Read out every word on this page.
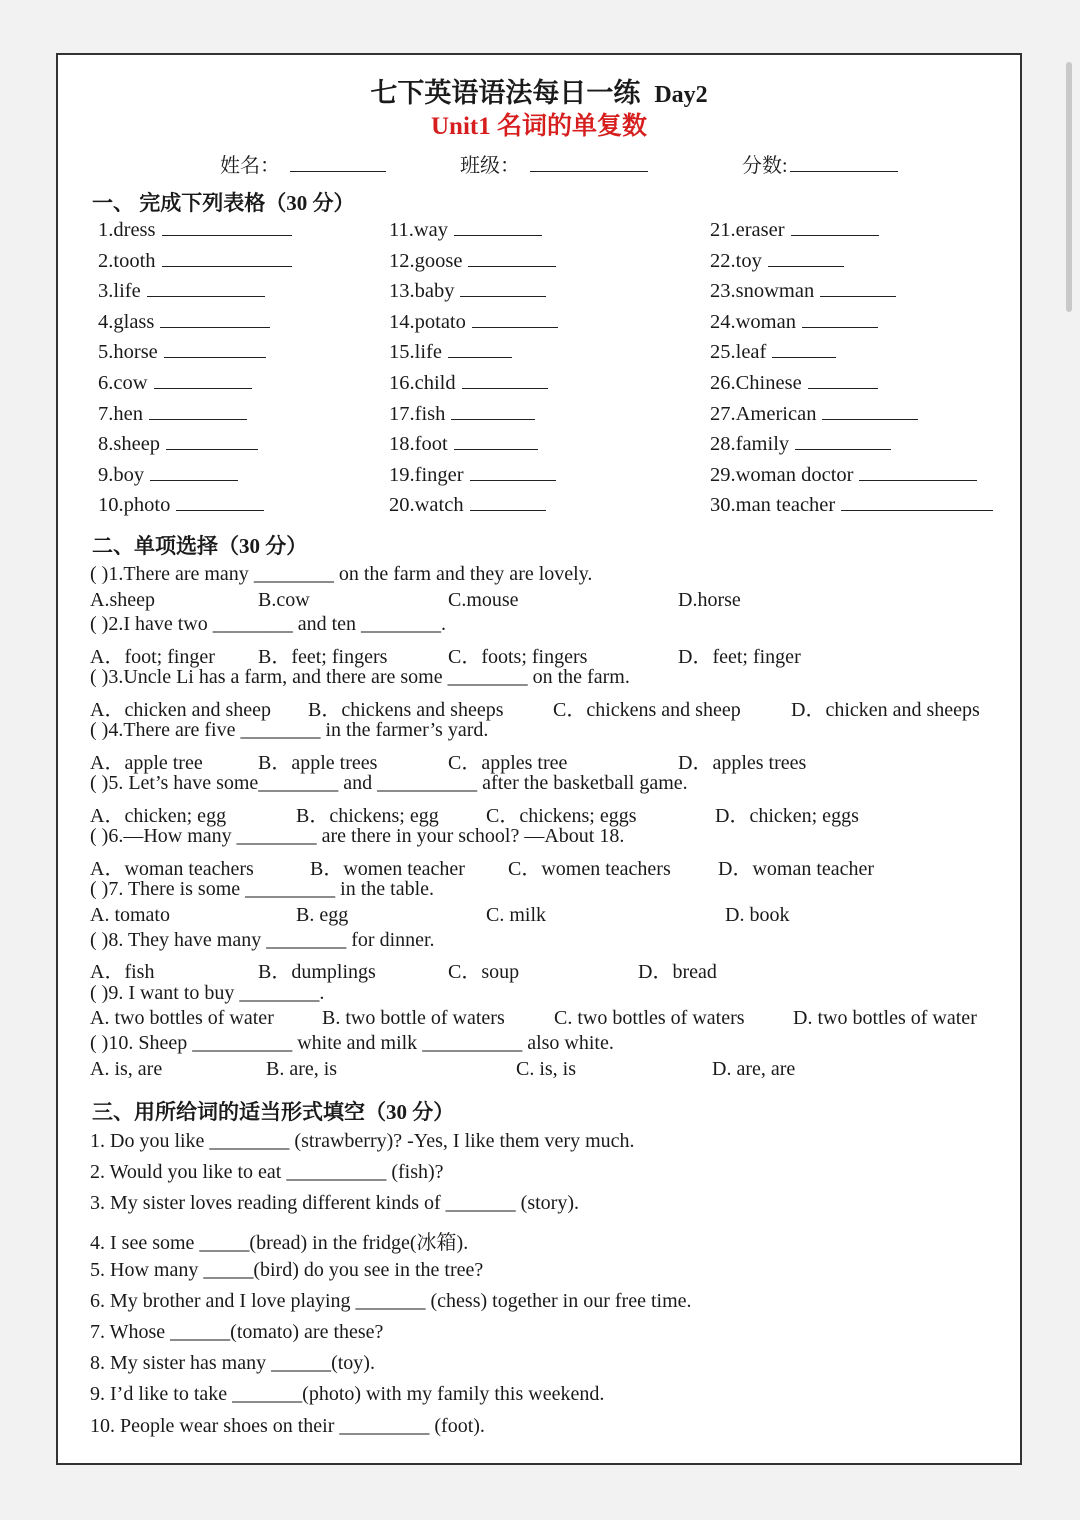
七下英语语法每日一练 Day2
Unit1 名词的单复数
姓名：	班级：	分数:
一、 完成下列表格（30 分）
1.dress
2.tooth
3.life
4.glass
5.horse
6.cow
7.hen
8.sheep
9.boy
10.photo
11.way
12.goose
13.baby
14.potato
15.life
16.child
17.fish
18.foot
19.finger
20.watch
21.eraser
22.toy
23.snowman
24.woman
25.leaf
26.Chinese
27.American
28.family
29.woman doctor
30.man teacher
二、单项选择（30 分）
( )1.There are many ________ on the farm and they are lovely.
A.sheep	B.cow	C.mouse	D.horse
( )2.I have two ________ and ten ________.
A．foot; finger B．feet; fingers	C．foots; fingers	D．feet; finger
( )3.Uncle Li has a farm, and there are some ________ on the farm.
A．chicken and sheep B．chickens and sheeps C．chickens and sheep	D．chicken and sheeps
( )4.There are five ________ in the farmer’s yard.
A．apple tree	B．apple trees	C．apples tree	D．apples trees
( )5. Let’s have some________ and __________ after the basketball game.
A．chicken; egg	B．chickens; egg C．chickens; eggs	D．chicken; eggs
( )6.—How many ________ are there in your school? —About 18.
A．woman teachers	B．women teacher C．women teachers D．woman teacher
( )7. There is some _________ in the table.
A. tomato	B. egg	C. milk	D. book
( )8. They have many ________ for dinner.
A．fish	B．dumplings	C．soup	D．bread
( )9. I want to buy ________.
A. two bottles of water B. two bottle of waters C. two bottles of waters D. two bottles of water
( )10. Sheep __________ white and milk __________ also white.
A. is, are	B. are, is	C. is, is	D. are, are
三、用所给词的适当形式填空（30 分）
1. Do you like ________ (strawberry)? -Yes, I like them very much.
2. Would you like to eat __________ (fish)?
3. My sister loves reading different kinds of _______ (story).
4. I see some _____(bread) in the fridge(冰箱).
5. How many _____(bird) do you see in the tree?
6. My brother and I love playing _______ (chess) together in our free time.
7. Whose ______(tomato) are these?
8. My sister has many ______(toy).
9. I’d like to take _______(photo) with my family this weekend.
10. People wear shoes on their _________ (foot).
